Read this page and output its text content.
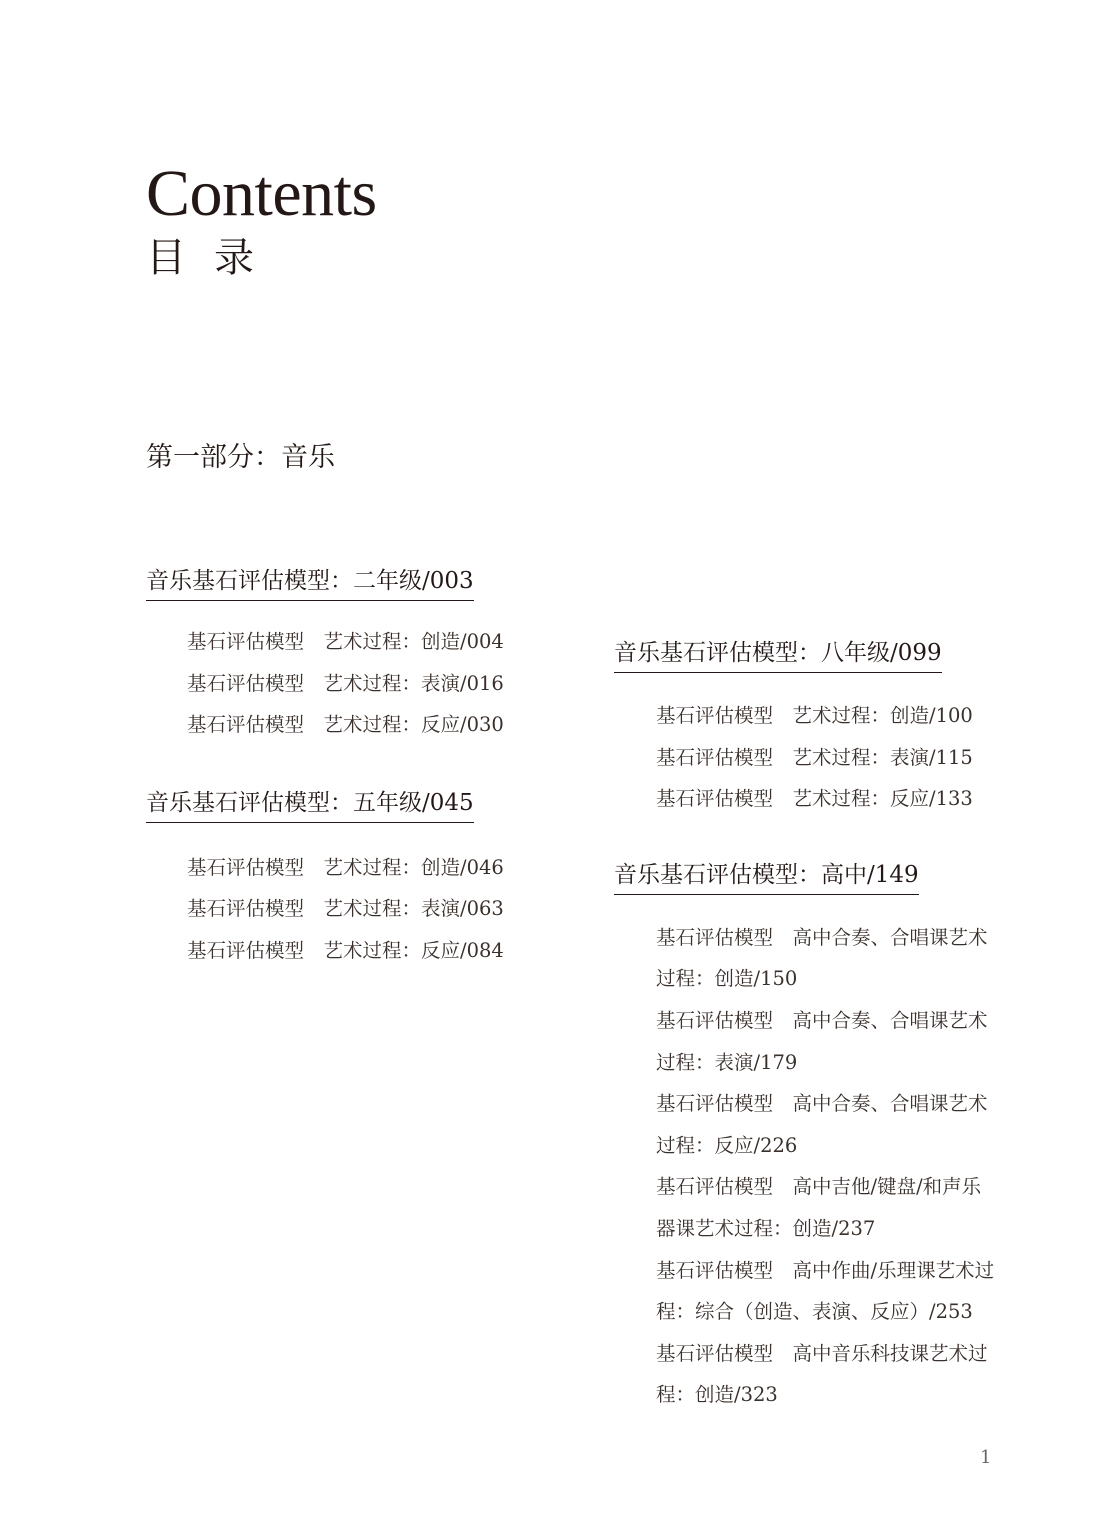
Contents
目录
第一部分：音乐
音乐基石评估模型：二年级/003
基石评估模型　艺术过程：创造/004
基石评估模型　艺术过程：表演/016
基石评估模型　艺术过程：反应/030
音乐基石评估模型：五年级/045
基石评估模型　艺术过程：创造/046
基石评估模型　艺术过程：表演/063
基石评估模型　艺术过程：反应/084
音乐基石评估模型：八年级/099
基石评估模型　艺术过程：创造/100
基石评估模型　艺术过程：表演/115
基石评估模型　艺术过程：反应/133
音乐基石评估模型：高中/149
基石评估模型　高中合奏、合唱课艺术过程：创造/150
基石评估模型　高中合奏、合唱课艺术过程：表演/179
基石评估模型　高中合奏、合唱课艺术过程：反应/226
基石评估模型　高中吉他/键盘/和声乐器课艺术过程：创造/237
基石评估模型　高中作曲/乐理课艺术过程：综合（创造、表演、反应）/253
基石评估模型　高中音乐科技课艺术过程：创造/323
1
